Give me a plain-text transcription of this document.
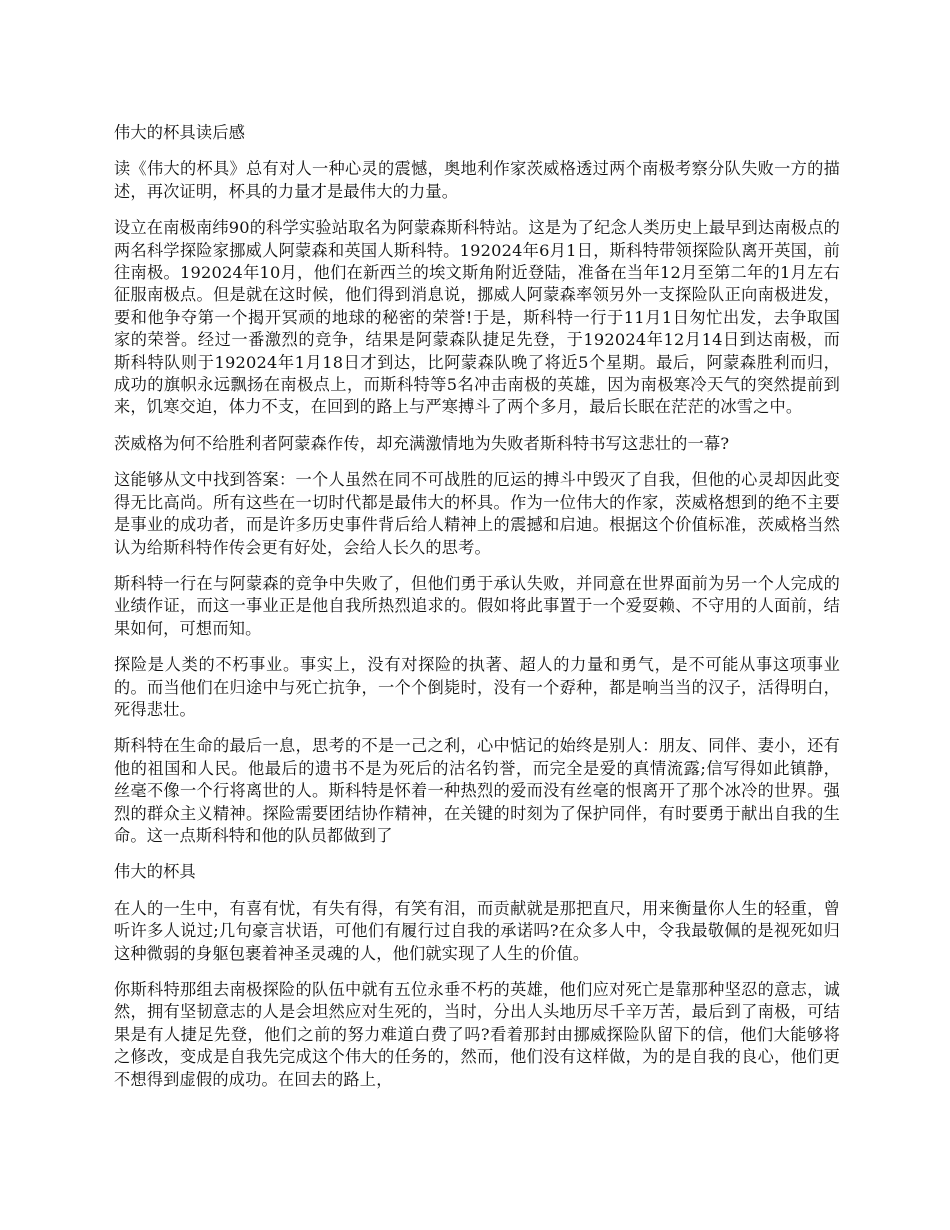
伟大的杯具读后感

读《伟大的杯具》总有对人一种心灵的震憾，奥地利作家茨威格透过两个南极考察分队失败一方的描述，再次证明，杯具的力量才是最伟大的力量。

设立在南极南纬90的科学实验站取名为阿蒙森斯科特站。这是为了纪念人类历史上最早到达南极点的两名科学探险家挪威人阿蒙森和英国人斯科特。192024年6月1日，斯科特带领探险队离开英国，前往南极。192024年10月，他们在新西兰的埃文斯角附近登陆，准备在当年12月至第二年的1月左右征服南极点。但是就在这时候，他们得到消息说，挪威人阿蒙森率领另外一支探险队正向南极进发，要和他争夺第一个揭开冥顽的地球的秘密的荣誉!于是，斯科特一行于11月1日匆忙出发，去争取国家的荣誉。经过一番激烈的竞争，结果是阿蒙森队捷足先登，于192024年12月14日到达南极，而斯科特队则于192024年1月18日才到达，比阿蒙森队晚了将近5个星期。最后，阿蒙森胜利而归，成功的旗帜永远飘扬在南极点上，而斯科特等5名冲击南极的英雄，因为南极寒冷天气的突然提前到来，饥寒交迫，体力不支，在回到的路上与严寒搏斗了两个多月，最后长眠在茫茫的冰雪之中。

茨威格为何不给胜利者阿蒙森作传，却充满激情地为失败者斯科特书写这悲壮的一幕?

这能够从文中找到答案：一个人虽然在同不可战胜的厄运的搏斗中毁灭了自我，但他的心灵却因此变得无比高尚。所有这些在一切时代都是最伟大的杯具。作为一位伟大的作家，茨威格想到的绝不主要是事业的成功者，而是许多历史事件背后给人精神上的震撼和启迪。根据这个价值标准，茨威格当然认为给斯科特作传会更有好处，会给人长久的思考。

斯科特一行在与阿蒙森的竞争中失败了，但他们勇于承认失败，并同意在世界面前为另一个人完成的业绩作证，而这一事业正是他自我所热烈追求的。假如将此事置于一个爱耍赖、不守用的人面前，结果如何，可想而知。

探险是人类的不朽事业。事实上，没有对探险的执著、超人的力量和勇气，是不可能从事这项事业的。而当他们在归途中与死亡抗争，一个个倒毙时，没有一个孬种，都是响当当的汉子，活得明白，死得悲壮。

斯科特在生命的最后一息，思考的不是一己之利，心中惦记的始终是别人：朋友、同伴、妻小，还有他的祖国和人民。他最后的遗书不是为死后的沽名钓誉，而完全是爱的真情流露;信写得如此镇静，丝毫不像一个行将离世的人。斯科特是怀着一种热烈的爱而没有丝毫的恨离开了那个冰冷的世界。强烈的群众主义精神。探险需要团结协作精神，在关键的时刻为了保护同伴，有时要勇于献出自我的生命。这一点斯科特和他的队员都做到了

伟大的杯具

在人的一生中，有喜有忧，有失有得，有笑有泪，而贡献就是那把直尺，用来衡量你人生的轻重，曾听许多人说过;几句豪言状语，可他们有履行过自我的承诺吗?在众多人中，令我最敬佩的是视死如归这种微弱的身躯包裹着神圣灵魂的人，他们就实现了人生的价值。

你斯科特那组去南极探险的队伍中就有五位永垂不朽的英雄，他们应对死亡是靠那种坚忍的意志，诚然，拥有坚韧意志的人是会坦然应对生死的，当时，分出人头地历尽千辛万苦，最后到了南极，可结果是有人捷足先登，他们之前的努力难道白费了吗?看着那封由挪威探险队留下的信，他们大能够将之修改，变成是自我先完成这个伟大的任务的，然而，他们没有这样做，为的是自我的良心，他们更不想得到虚假的成功。在回去的路上，
